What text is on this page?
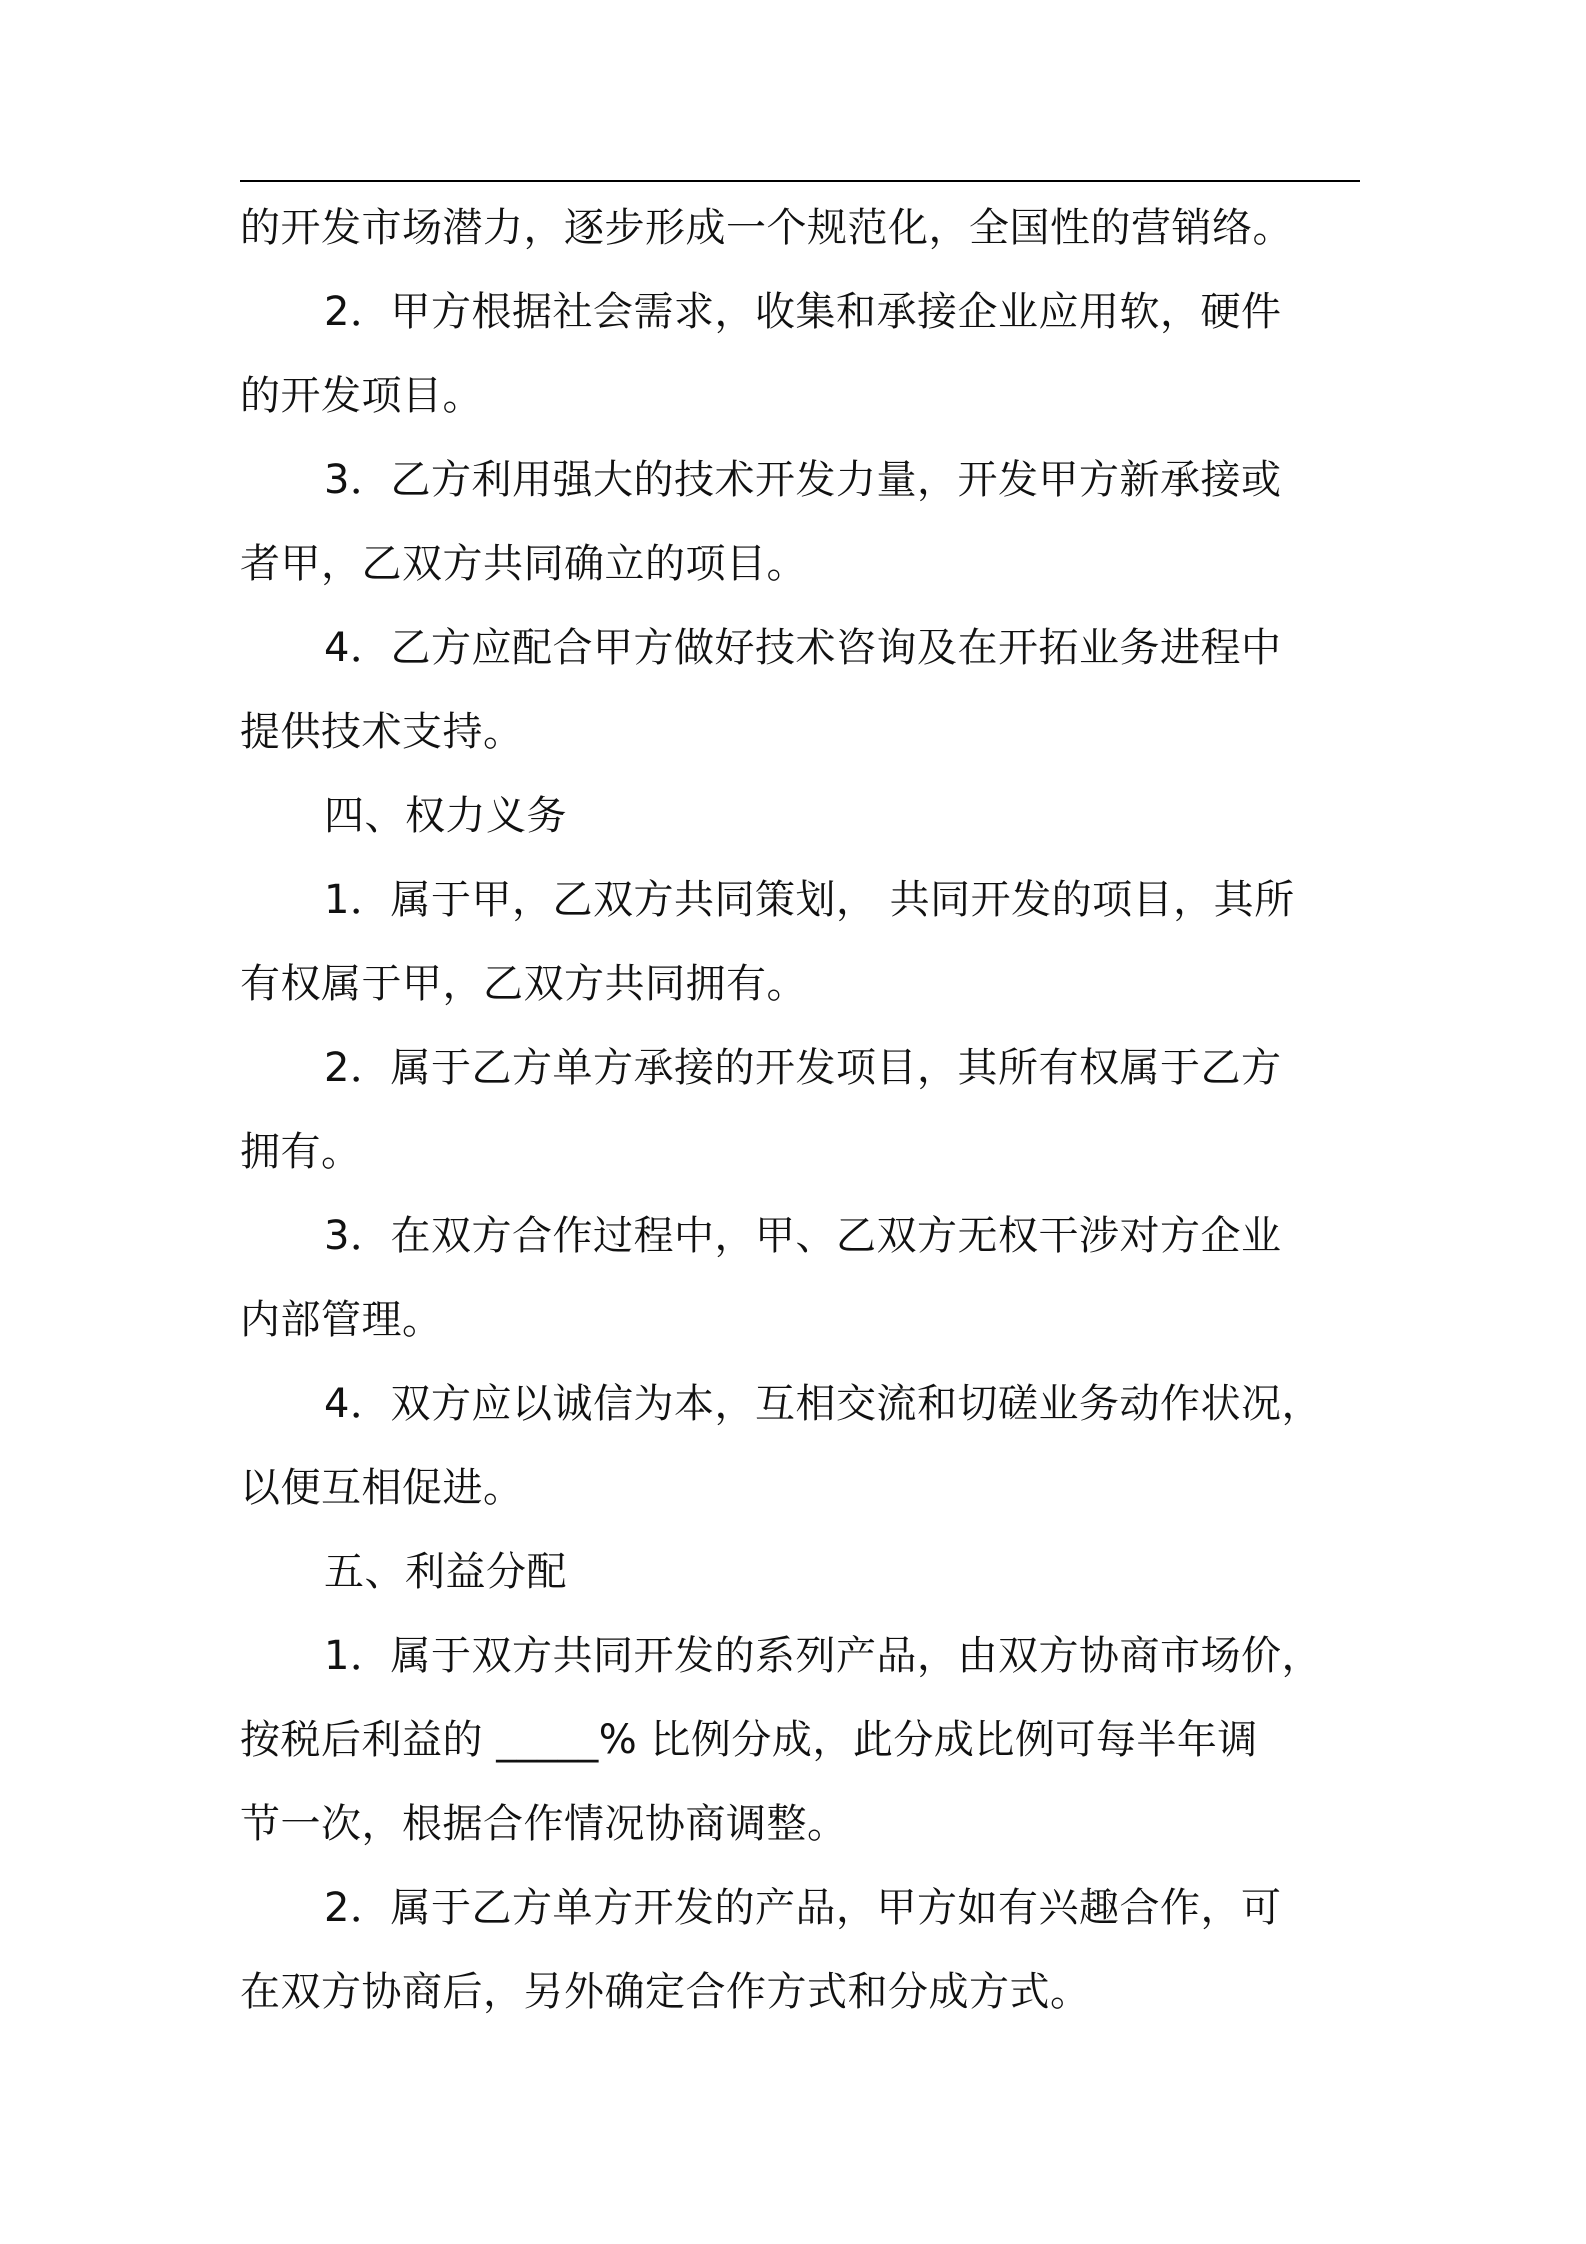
的开发市场潜力，逐步形成一个规范化，全国性的营销络。
2．甲方根据社会需求，收集和承接企业应用软，硬件
的开发项目。
3．乙方利用强大的技术开发力量，开发甲方新承接或
者甲，乙双方共同确立的项目。
4．乙方应配合甲方做好技术咨询及在开拓业务进程中
提供技术支持。
四、权力义务
1．属于甲，乙双方共同策划， 共同开发的项目，其所
有权属于甲，乙双方共同拥有。
2．属于乙方单方承接的开发项目，其所有权属于乙方
拥有。
3．在双方合作过程中，甲、乙双方无权干涉对方企业
内部管理。
4．双方应以诚信为本，互相交流和切磋业务动作状况，
以便互相促进。
五、利益分配
1．属于双方共同开发的系列产品，由双方协商市场价，
按税后利益的 _____% 比例分成，此分成比例可每半年调
节一次，根据合作情况协商调整。
2．属于乙方单方开发的产品，甲方如有兴趣合作，可
在双方协商后，另外确定合作方式和分成方式。
